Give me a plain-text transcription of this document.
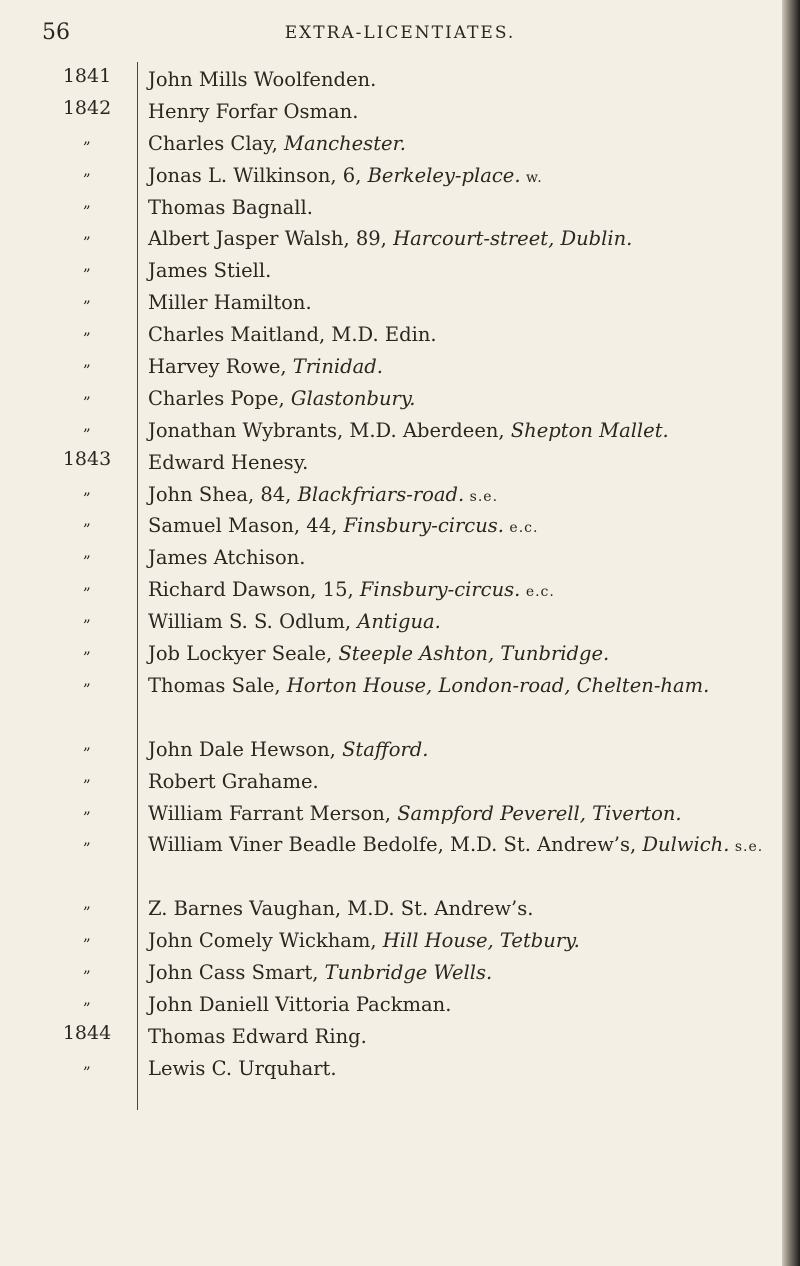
56	EXTRA-LICENTIATES.
1841	John Mills Woolfenden.
1842	Henry Forfar Osman.
„	Charles Clay, Manchester.
„	Jonas L. Wilkinson, 6, Berkeley-place. w.
„	Thomas Bagnall.
„	Albert Jasper Walsh, 89, Harcourt-street, Dublin.
„	James Stiell.
„	Miller Hamilton.
„	Charles Maitland, M.D. Edin.
„	Harvey Rowe, Trinidad.
„	Charles Pope, Glastonbury.
„	Jonathan Wybrants, M.D. Aberdeen, Shepton Mallet.
1843	Edward Henesy.
„	John Shea, 84, Blackfriars-road. s.e.
„	Samuel Mason, 44, Finsbury-circus. e.c.
„	James Atchison.
„	Richard Dawson, 15, Finsbury-circus. e.c.
„	William S. S. Odlum, Antigua.
„	Job Lockyer Seale, Steeple Ashton, Tunbridge.
„	Thomas Sale, Horton House, London-road, Chelten-ham.
„	John Dale Hewson, Stafford.
„	Robert Grahame.
„	William Farrant Merson, Sampford Peverell, Tiverton.
„	William Viner Beadle Bedolfe, M.D. St. Andrew’s, Dulwich. s.e.
„	Z. Barnes Vaughan, M.D. St. Andrew’s.
„	John Comely Wickham, Hill House, Tetbury.
„	John Cass Smart, Tunbridge Wells.
„	John Daniell Vittoria Packman.
1844	Thomas Edward Ring.
„	Lewis C. Urquhart.
